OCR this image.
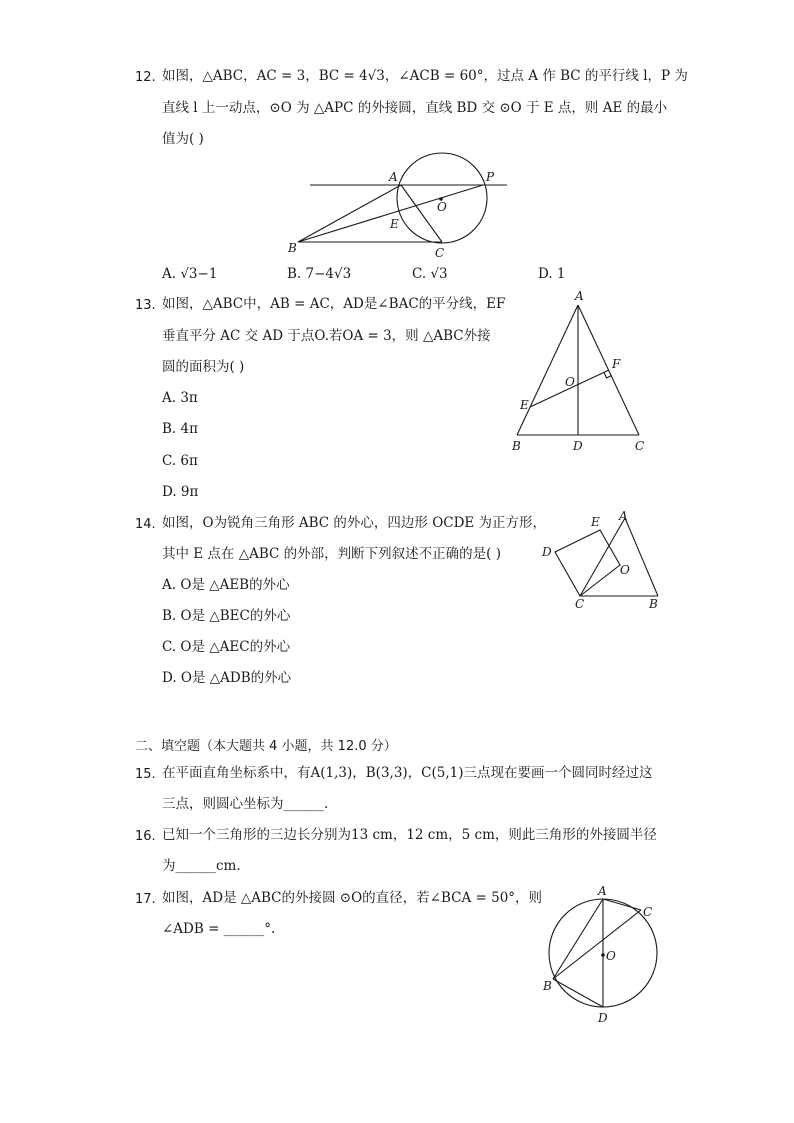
12. 如图，△ABC，AC = 3，BC = 4√3，∠ACB = 60°，过点 A 作 BC 的平行线 l，P 为
直线 l 上一动点，⊙O 为 △APC 的外接圆，直线 BD 交 ⊙O 于 E 点，则 AE 的最小
值为( )
A	P
O
E
B	C
A. √3−1	B. 7−4√3	C. √3	D. 1
13. 如图，△ABC中，AB = AC，AD是∠BAC的平分线，EF
垂直平分 AC 交 AD 于点O.若OA = 3，则 △ABC外接
圆的面积为( )
A. 3π
B. 4π
C. 6π
D. 9π
A
F
O
E
B	D	C
14. 如图，O为锐角三角形 ABC 的外心，四边形 OCDE 为正方形，
其中 E 点在 △ABC 的外部，判断下列叙述不正确的是( )
A. O是 △AEB的外心
B. O是 △BEC的外心
C. O是 △AEC的外心
D. O是 △ADB的外心
E A
D
O
C	B
二、填空题（本大题共 4 小题，共 12.0 分）
15. 在平面直角坐标系中，有A(1,3)，B(3,3)，C(5,1)三点现在要画一个圆同时经过这
三点，则圆心坐标为______.
16. 已知一个三角形的三边长分别为13 cm，12 cm，5 cm，则此三角形的外接圆半径
为______cm.
17. 如图，AD是 △ABC的外接圆 ⊙O的直径，若∠BCA = 50°，则
∠ADB = ______°.
A
C
O
B
D
